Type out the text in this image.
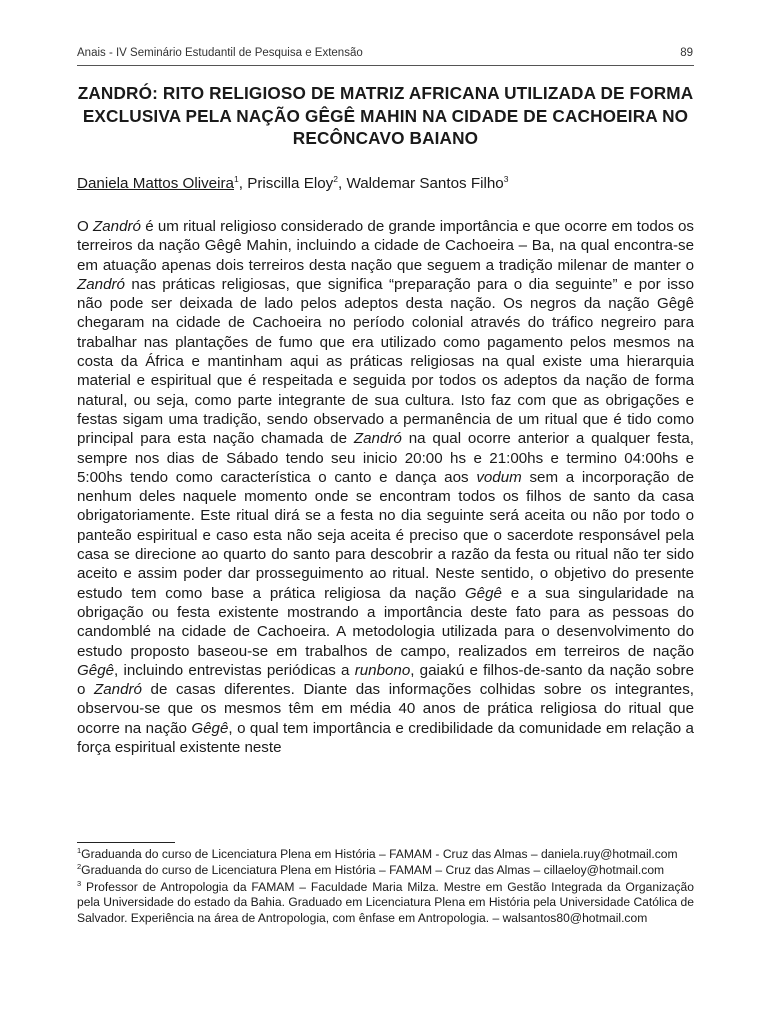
Anais - IV Seminário Estudantil de Pesquisa e Extensão	89
ZANDRÓ: RITO RELIGIOSO DE MATRIZ AFRICANA UTILIZADA DE FORMA EXCLUSIVA PELA NAÇÃO GÊGÊ MAHIN NA CIDADE DE CACHOEIRA NO RECÔNCAVO BAIANO
Daniela Mattos Oliveira$^1$, Priscilla Eloy$^2$, Waldemar Santos Filho$^3$

O Zandró é um ritual religioso considerado de grande importância e que ocorre em todos os terreiros da nação Gêgê Mahin, incluindo a cidade de Cachoeira – Ba, na qual encontra-se em atuação apenas dois terreiros desta nação que seguem a tradição milenar de manter o Zandró nas práticas religiosas, que significa “preparação para o dia seguinte” e por isso não pode ser deixada de lado pelos adeptos desta nação. Os negros da nação Gêgê chegaram na cidade de Cachoeira no período colonial através do tráfico negreiro para trabalhar nas plantações de fumo que era utilizado como pagamento pelos mesmos na costa da África e mantinham aqui as práticas religiosas na qual existe uma hierarquia material e espiritual que é respeitada e seguida por todos os adeptos da nação de forma natural, ou seja, como parte integrante de sua cultura. Isto faz com que as obrigações e festas sigam uma tradição, sendo observado a permanência de um ritual que é tido como principal para esta nação chamada de Zandró na qual ocorre anterior a qualquer festa, sempre nos dias de Sábado tendo seu inicio 20:00 hs e 21:00hs e termino 04:00hs e 5:00hs tendo como característica o canto e dança aos vodum sem a incorporação de nenhum deles naquele momento onde se encontram todos os filhos de santo da casa obrigatoriamente. Este ritual dirá se a festa no dia seguinte será aceita ou não por todo o panteão espiritual e caso esta não seja aceita é preciso que o sacerdote responsável pela casa se direcione ao quarto do santo para descobrir a razão da festa ou ritual não ter sido aceito e assim poder dar prosseguimento ao ritual. Neste sentido, o objetivo do presente estudo tem como base a prática religiosa da nação Gêgê e a sua singularidade na obrigação ou festa existente mostrando a importância deste fato para as pessoas do candomblé na cidade de Cachoeira. A metodologia utilizada para o desenvolvimento do estudo proposto baseou-se em trabalhos de campo, realizados em terreiros de nação Gêgê, incluindo entrevistas periódicas a runbono, gaiakú e filhos-de-santo da nação sobre o Zandró de casas diferentes. Diante das informações colhidas sobre os integrantes, observou-se que os mesmos têm em média 40 anos de prática religiosa do ritual que ocorre na nação Gêgê, o qual tem importância e credibilidade da comunidade em relação a força espiritual existente neste

$^1$Graduanda do curso de Licenciatura Plena em História – FAMAM - Cruz das Almas – daniela.ruy@hotmail.com

$^2$Graduanda do curso de Licenciatura Plena em História – FAMAM – Cruz das Almas – cillaeloy@hotmail.com

$^3$ Professor de Antropologia da FAMAM – Faculdade Maria Milza. Mestre em Gestão Integrada da Organização pela Universidade do estado da Bahia. Graduado em Licenciatura Plena em História pela Universidade Católica de Salvador. Experiência na área de Antropologia, com ênfase em Antropologia. – walsantos80@hotmail.com
